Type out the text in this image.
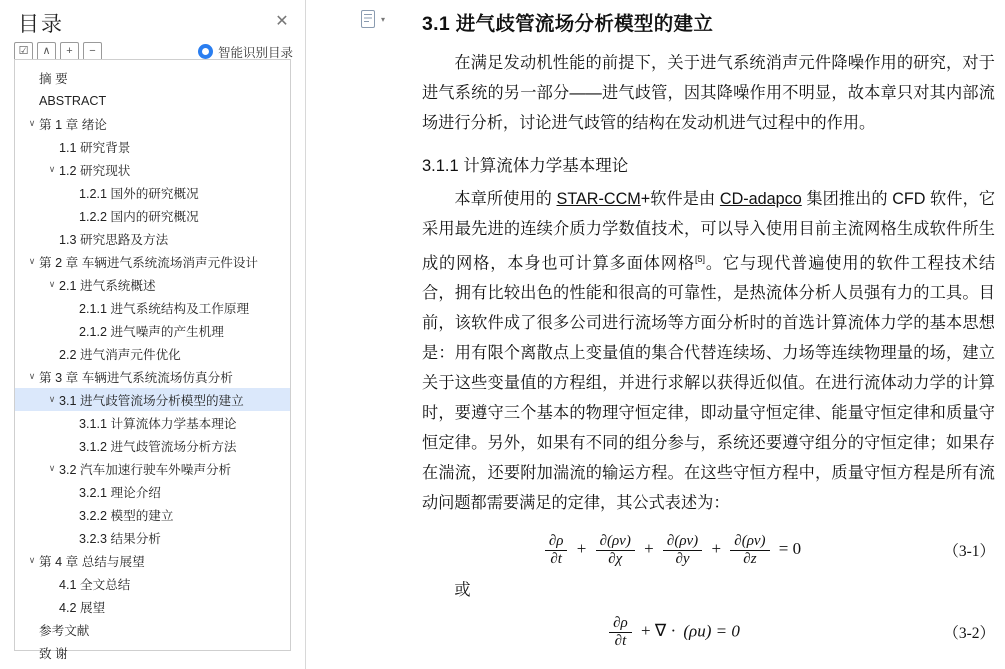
目录	✕
☑	∧	+	−	智能识别目录
摘 要
ABSTRACT
∨ 第 1 章 绪论
1.1 研究背景
∨ 1.2 研究现状
1.2.1 国外的研究概况
1.2.2 国内的研究概况
1.3 研究思路及方法
∨ 第 2 章 车辆进气系统流场消声元件设计
∨ 2.1 进气系统概述
2.1.1 进气系统结构及工作原理
2.1.2 进气噪声的产生机理
2.2 进气消声元件优化
∨ 第 3 章 车辆进气系统流场仿真分析
∨ 3.1 进气歧管流场分析模型的建立
3.1.1 计算流体力学基本理论
3.1.2 进气歧管流场分析方法
∨ 3.2 汽车加速行驶车外噪声分析
3.2.1 理论介绍
3.2.2 模型的建立
3.2.3 结果分析
∨ 第 4 章 总结与展望
4.1 全文总结
4.2 展望
参考文献
致 谢
▾ 3.1 进气歧管流场分析模型的建立

在满足发动机性能的前提下，关于进气系统消声元件降噪作用的研究，对于进气系统的另一部分——进气歧管，因其降噪作用不明显，故本章只对其内部流场进行分析，讨论进气歧管的结构在发动机进气过程中的作用。

3.1.1 计算流体力学基本理论

本章所使用的 STAR-CCM+软件是由 CD-adapco 集团推出的 CFD 软件，它采用最先进的连续介质力学数值技术，可以导入使用目前主流网格生成软件所生成的网格，本身也可计算多面体网格[5]。它与现代普遍使用的软件工程技术结合，拥有比较出色的性能和很高的可靠性，是热流体分析人员强有力的工具。目前，该软件成了很多公司进行流场等方面分析时的首选计算流体力学的基本思想是：用有限个离散点上变量值的集合代替连续场、力场等连续物理量的场，建立关于这些变量值的方程组，并进行求解以获得近似值。在进行流体动力学的计算时，要遵守三个基本的物理守恒定律，即动量守恒定律、能量守恒定律和质量守恒定律。另外，如果有不同的组分参与，系统还要遵守组分的守恒定律；如果存在湍流，还要附加湍流的输运方程。在这些守恒方程中，质量守恒方程是所有流动问题都需要满足的定律，其公式表述为：

$\frac{\partial\rho}{\partial t} + \frac{\partial(\rho\nu)}{\partial\chi} + \frac{\partial(\rho\nu)}{\partial y} + \frac{\partial(\rho\nu)}{\partial z} = 0$	（3-1）

或

$\frac{\partial\rho}{\partial t}$ + ∇ · (ρu) = 0	（3-2）
